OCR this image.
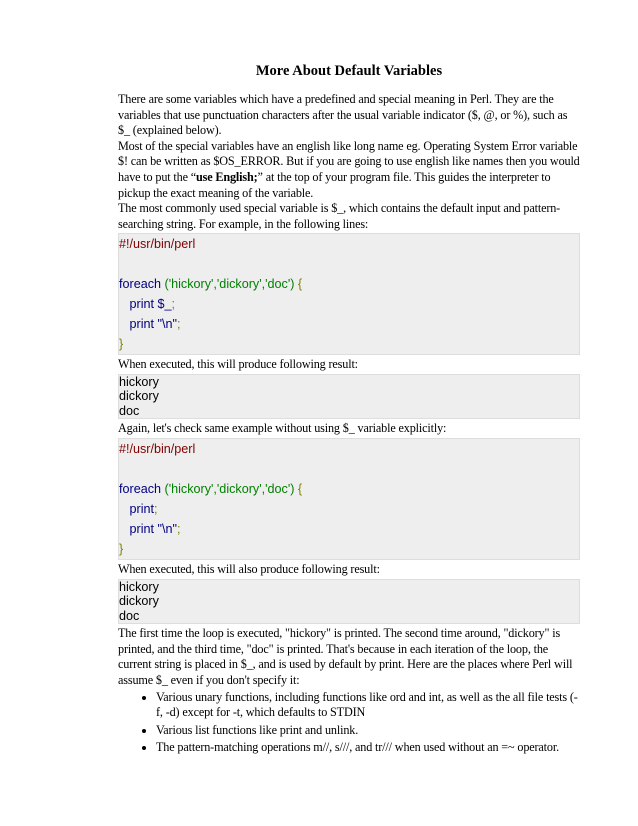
More About Default Variables

There are some variables which have a predefined and special meaning in Perl. They are the variables that use punctuation characters after the usual variable indicator ($, @, or %), such as $_ (explained below).

Most of the special variables have an english like long name eg. Operating System Error variable $! can be written as $OS_ERROR. But if you are going to use english like names then you would have to put the “use English;” at the top of your program file. This guides the interpreter to pickup the exact meaning of the variable.

The most commonly used special variable is $_, which contains the default input and pattern-searching string. For example, in the following lines:

#!/usr/bin/perl
foreach ('hickory','dickory','doc') {
print $_;
print "\n";
}

When executed, this will produce following result:

hickory
dickory
doc

Again, let's check same example without using $_ variable explicitly:

#!/usr/bin/perl
foreach ('hickory','dickory','doc') {
print;
print "\n";
}

When executed, this will also produce following result:

hickory
dickory
doc

The first time the loop is executed, "hickory" is printed. The second time around, "dickory" is printed, and the third time, "doc" is printed. That's because in each iteration of the loop, the current string is placed in $_, and is used by default by print. Here are the places where Perl will assume $_ even if you don't specify it:

• Various unary functions, including functions like ord and int, as well as the all file tests (-f, -d) except for -t, which defaults to STDIN
• Various list functions like print and unlink.
• The pattern-matching operations m//, s///, and tr/// when used without an =~ operator.
